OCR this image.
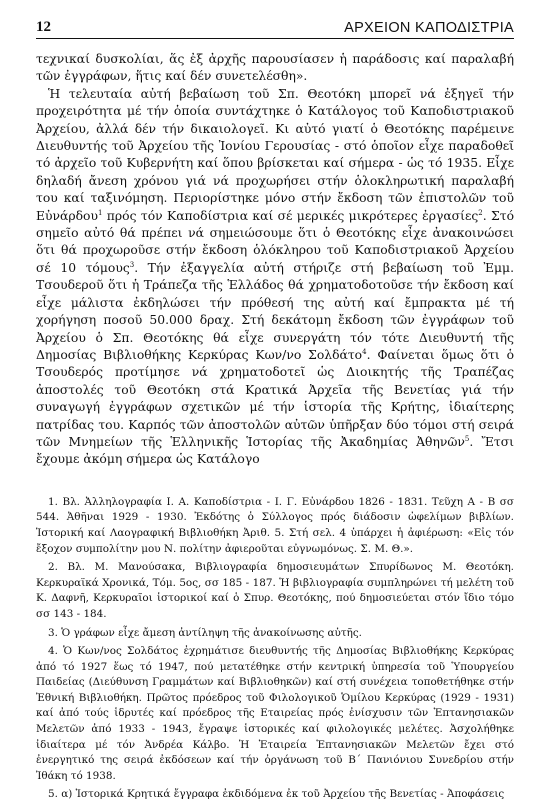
12	ΑΡΧΕΙΟΝ ΚΑΠΟΔΙΣΤΡΙΑ

τεχνικαί δυσκολίαι, ἅς ἐξ ἀρχῆς παρουσίασεν ἡ παράδοσις καί παραλαβή τῶν ἐγγράφων, ἥτις καί δέν συνετελέσθη».

Ἡ τελευταία αὐτή βεβαίωση τοῦ Σπ. Θεοτόκη μπορεῖ νά ἐξηγεῖ τήν προχειρότητα μέ τήν ὁποία συντάχτηκε ὁ Κατάλογος τοῦ Καποδιστριακοῦ Ἀρχείου, ἀλλά δέν τήν δικαιολογεῖ. Κι αὐτό γιατί ὁ Θεοτόκης παρέμεινε Διευθυντής τοῦ Ἀρχείου τῆς Ἰονίου Γερουσίας - στό ὁποῖον εἶχε παραδοθεῖ τό ἀρχεῖο τοῦ Κυβερνήτη καί ὅπου βρίσκεται καί σήμερα - ὡς τό 1935. Εἶχε δηλαδή ἄνεση χρόνου γιά νά προχωρήσει στήν ὁλοκληρωτική παραλαβή του καί ταξινόμηση. Περιορίστηκε μόνο στήν ἔκδοση τῶν ἐπιστολῶν τοῦ Εὐνάρδου$^1$ πρός τόν Καποδίστρια καί σέ μερικές μικρότερες ἐργασίες$^2$. Στό σημεῖο αὐτό θά πρέπει νά σημειώσουμε ὅτι ὁ Θεοτόκης εἶχε ἀνακοινώσει ὅτι θά προχωροῦσε στήν ἔκδοση ὁλόκληρου τοῦ Καποδιστριακοῦ Ἀρχείου σέ 10 τόμους$^3$. Τήν ἐξαγγελία αὐτή στήριζε στή βεβαίωση τοῦ Ἐμμ. Τσουδεροῦ ὅτι ἡ Τράπεζα τῆς Ἑλλάδος θά χρηματοδοτοῦσε τήν ἔκδοση καί εἶχε μάλιστα ἐκδηλώσει τήν πρόθεσή της αὐτή καί ἔμπρακτα μέ τή χορήγηση ποσοῦ 50.000 δραχ. Στή δεκάτομη ἔκδοση τῶν ἐγγράφων τοῦ Ἀρχείου ὁ Σπ. Θεοτόκης θά εἶχε συνεργάτη τόν τότε Διευθυντή τῆς Δημοσίας Βιβλιοθήκης Κερκύρας Κων/νο Σολδάτο$^4$. Φαίνεται ὅμως ὅτι ὁ Τσουδερός προτίμησε νά χρηματοδοτεῖ ὡς Διοικητής τῆς Τραπέζας ἀποστολές τοῦ Θεοτόκη στά Κρατικά Ἀρχεῖα τῆς Βενετίας γιά τήν συναγωγή ἐγγράφων σχετικῶν μέ τήν ἱστορία τῆς Κρήτης, ἰδιαίτερης πατρίδας του. Καρπός τῶν ἀποστολῶν αὐτῶν ὑπῆρξαν δύο τόμοι στή σειρά τῶν Μνημείων τῆς Ἑλληνικῆς Ἱστορίας τῆς Ἀκαδημίας Ἀθηνῶν$^5$. Ἔτσι ἔχουμε ἀκόμη σήμερα ὡς Κατάλογο

1. Βλ. Ἀλληλογραφία Ι. Α. Καποδίστρια - Ι. Γ. Εὐνάρδου 1826 - 1831. Τεῦχη Α - Β σσ 544. Ἀθῆναι 1929 - 1930. Ἐκδότης ὁ Σύλλογος πρός διάδοσιν ὠφελίμων βιβλίων. Ἱστορική καί Λαογραφική Βιβλιοθήκη Ἀριθ. 5. Στή σελ. 4 ὑπάρχει ἡ ἀφιέρωση: «Εἰς τόν ἔξοχον συμπολίτην μου Ν. πολίτην ἀφιεροῦται εὐγνωμόνως. Σ. Μ. Θ.».

2. Βλ. Μ. Μανούσακα, Βιβλιογραφία δημοσιευμάτων Σπυρίδωνος Μ. Θεοτόκη. Κερκυραϊκά Χρονικά, Τόμ. 5ος, σσ 185 - 187. Ἡ βιβλιογραφία συμπληρώνει τή μελέτη τοῦ Κ. Δαφνῆ, Κερκυραῖοι ἱστορικοί καί ὁ Σπυρ. Θεοτόκης, πού δημοσιεύεται στόν ἴδιο τόμο σσ 143 - 184.

3. Ὁ γράφων εἶχε ἄμεση ἀντίληψη τῆς ἀνακοίνωσης αὐτῆς.

4. Ὁ Κων/νος Σολδάτος ἐχρημάτισε διευθυντής τῆς Δημοσίας Βιβλιοθήκης Κερκύρας ἀπό τό 1927 ἕως τό 1947, πού μετατέθηκε στήν κεντρική ὑπηρεσία τοῦ Ὑπουργείου Παιδείας (Διεύθυνση Γραμμάτων καί Βιβλιοθηκῶν) καί στή συνέχεια τοποθετήθηκε στήν Ἐθνική Βιβλιοθήκη. Πρῶτος πρόεδρος τοῦ Φιλολογικοῦ Ὁμίλου Κερκύρας (1929 - 1931) καί ἀπό τούς ἱδρυτές καί πρόεδρος τῆς Εταιρείας πρός ἐνίσχυσιν τῶν Ἑπτανησιακῶν Μελετῶν ἀπό 1933 - 1943, ἔγραψε ἱστορικές καί φιλολογικές μελέτες. Ἀσχολήθηκε ἰδιαίτερα μέ τόν Ἀνδρέα Κάλβο. Ἡ Ἑταιρεία Ἑπτανησιακῶν Μελετῶν ἔχει στό ἐνεργητικό της σειρά ἐκδόσεων καί τήν ὀργάνωση τοῦ Β΄ Πανιόνιου Συνεδρίου στήν Ἰθάκη τό 1938.

5. α) Ἱστορικά Κρητικά ἔγγραφα ἐκδιδόμενα ἐκ τοῦ Ἀρχείου τῆς Βενετίας - Ἀποφάσεις
